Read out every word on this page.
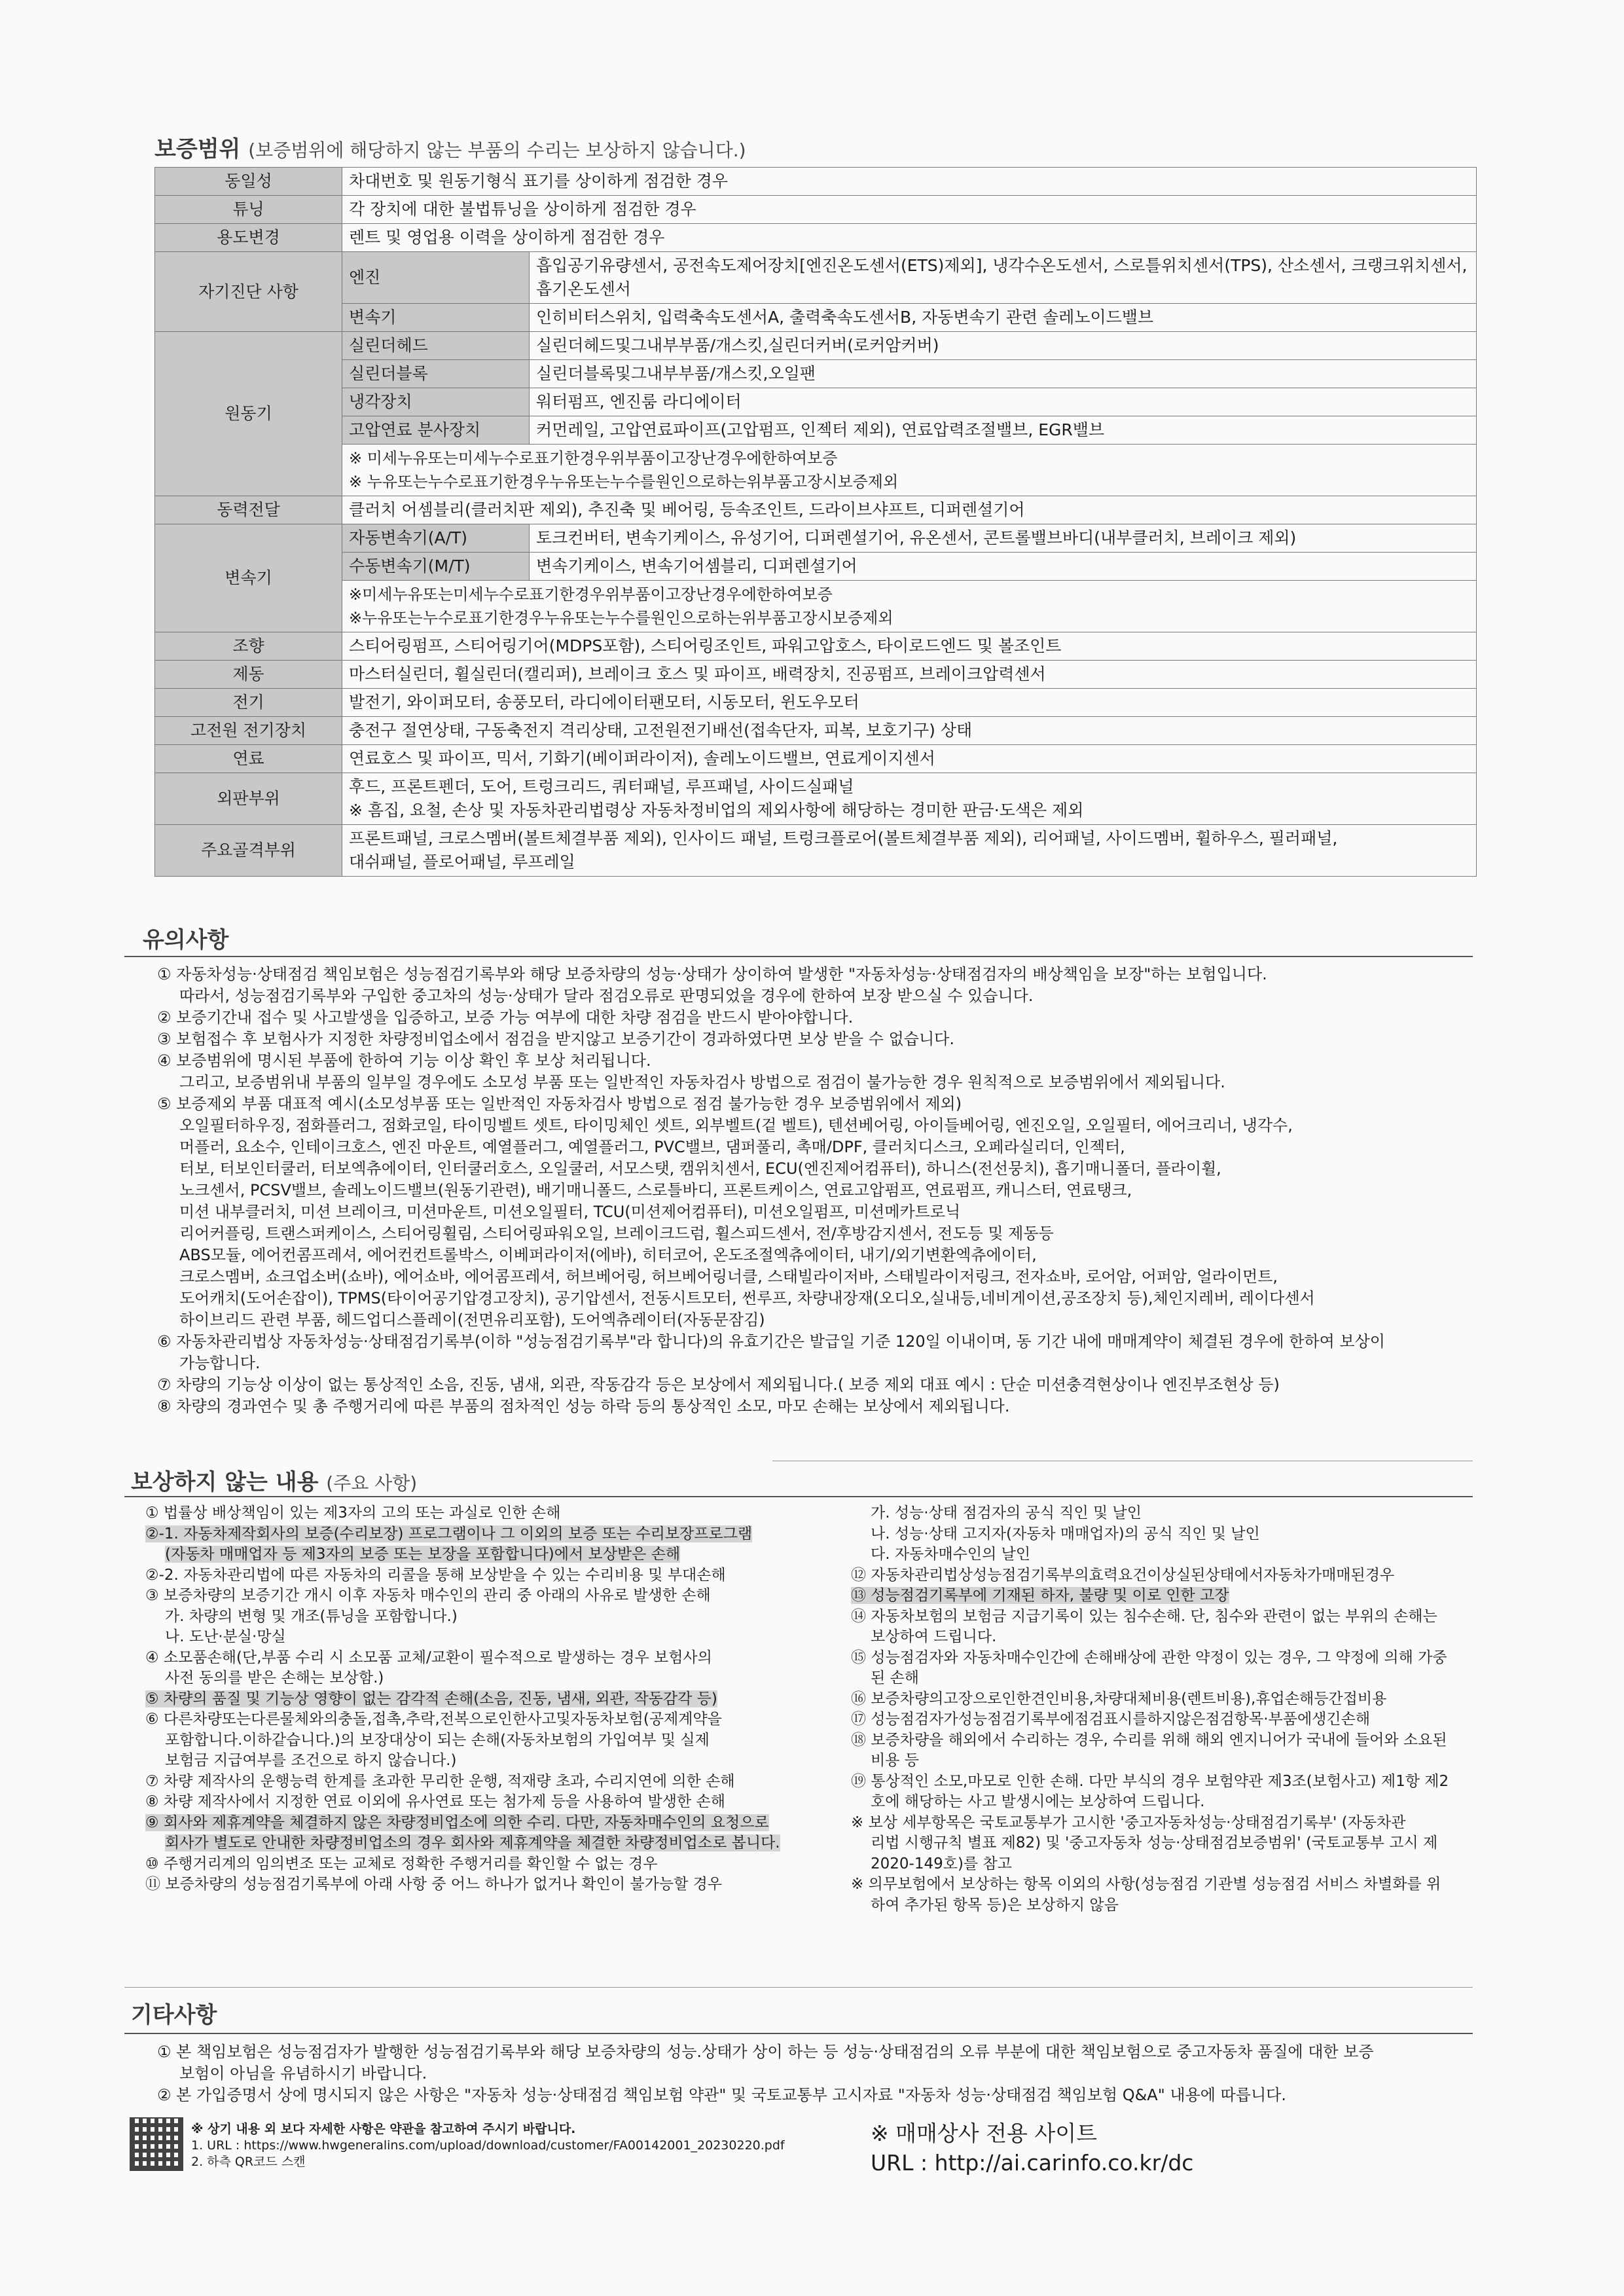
보증범위 (보증범위에 해당하지 않는 부품의 수리는 보상하지 않습니다.)
동일성	차대번호 및 원동기형식 표기를 상이하게 점검한 경우	
튜닝	각 장치에 대한 불법튜닝을 상이하게 점검한 경우	
용도변경	렌트 및 영업용 이력을 상이하게 점검한 경우	
자기진단 사항	엔진	흡입공기유량센서, 공전속도제어장치[엔진온도센서(ETS)제외], 냉각수온도센서, 스로틀위치센서(TPS), 산소센서, 크랭크위치센서, 흡기온도센서
	변속기	인히비터스위치, 입력축속도센서A, 출력축속도센서B, 자동변속기 관련 솔레노이드밸브
원동기	실린더헤드	실린더헤드및그내부부품/개스킷,실린더커버(로커암커버)
	실린더블록	실린더블록및그내부부품/개스킷,오일팬
	냉각장치	워터펌프, 엔진룸 라디에이터
	고압연료 분사장치	커먼레일, 고압연료파이프(고압펌프, 인젝터 제외), 연료압력조절밸브, EGR밸브

	※ 미세누유또는미세누수로표기한경우위부품이고장난경우에한하여보증
※ 누유또는누수로표기한경우누유또는누수를원인으로하는위부품고장시보증제외	

동력전달	클러치 어셈블리(클러치판 제외), 추진축 및 베어링, 등속조인트, 드라이브샤프트, 디퍼렌셜기어	
변속기	자동변속기(A/T)	토크컨버터, 변속기케이스, 유성기어, 디퍼렌셜기어, 유온센서, 콘트롤밸브바디(내부클러치, 브레이크 제외)
	수동변속기(M/T)	변속기케이스, 변속기어셈블리, 디퍼렌셜기어

	※미세누유또는미세누수로표기한경우위부품이고장난경우에한하여보증
※누유또는누수로표기한경우누유또는누수를원인으로하는위부품고장시보증제외	

조향	스티어링펌프, 스티어링기어(MDPS포함), 스티어링조인트, 파워고압호스, 타이로드엔드 및 볼조인트	
제동	마스터실린더, 휠실린더(캘리퍼), 브레이크 호스 및 파이프, 배력장치, 진공펌프, 브레이크압력센서	
전기	발전기, 와이퍼모터, 송풍모터, 라디에이터팬모터, 시동모터, 윈도우모터	
고전원 전기장치	충전구 절연상태, 구동축전지 격리상태, 고전원전기배선(접속단자, 피복, 보호기구) 상태	
연료	연료호스 및 파이프, 믹서, 기화기(베이퍼라이저), 솔레노이드밸브, 연료게이지센서	
외판부위	후드, 프론트펜더, 도어, 트렁크리드, 쿼터패널, 루프패널, 사이드실패널
※ 흠집, 요철, 손상 및 자동차관리법령상 자동차정비업의 제외사항에 해당하는 경미한 판금·도색은 제외	

주요골격부위	프론트패널, 크로스멤버(볼트체결부품 제외), 인사이드 패널, 트렁크플로어(볼트체결부품 제외), 리어패널, 사이드멤버, 휠하우스, 필러패널,
대쉬패널, 플로어패널, 루프레일	
유의사항

① 자동차성능·상태점검 책임보험은 성능점검기록부와 해당 보증차량의 성능·상태가 상이하여 발생한 "자동차성능·상태점검자의 배상책임을 보장"하는 보험입니다.

따라서, 성능점검기록부와 구입한 중고차의 성능·상태가 달라 점검오류로 판명되었을 경우에 한하여 보장 받으실 수 있습니다.

② 보증기간내 접수 및 사고발생을 입증하고, 보증 가능 여부에 대한 차량 점검을 반드시 받아야합니다.

③ 보험접수 후 보험사가 지정한 차량정비업소에서 점검을 받지않고 보증기간이 경과하였다면 보상 받을 수 없습니다.

④ 보증범위에 명시된 부품에 한하여 기능 이상 확인 후 보상 처리됩니다.

그리고, 보증범위내 부품의 일부일 경우에도 소모성 부품 또는 일반적인 자동차검사 방법으로 점검이 불가능한 경우 원칙적으로 보증범위에서 제외됩니다.

⑤ 보증제외 부품 대표적 예시(소모성부품 또는 일반적인 자동차검사 방법으로 점검 불가능한 경우 보증범위에서 제외)

오일필터하우징, 점화플러그, 점화코일, 타이밍벨트 셋트, 타이밍체인 셋트, 외부벨트(겉 벨트), 텐션베어링, 아이들베어링, 엔진오일, 오일필터, 에어크리너, 냉각수,

머플러, 요소수, 인테이크호스, 엔진 마운트, 예열플러그, 예열플러그, PVC밸브, 댐퍼풀리, 촉매/DPF, 클러치디스크, 오페라실리더, 인젝터,

터보, 터보인터쿨러, 터보엑츄에이터, 인터쿨러호스, 오일쿨러, 서모스탯, 캠위치센서, ECU(엔진제어컴퓨터), 하니스(전선뭉치), 흡기매니폴더, 플라이휠,

노크센서, PCSV밸브, 솔레노이드밸브(원동기관련), 배기매니폴드, 스로틀바디, 프론트케이스, 연료고압펌프, 연료펌프, 캐니스터, 연료탱크,

미션 내부클러치, 미션 브레이크, 미션마운트, 미션오일필터, TCU(미션제어컴퓨터), 미션오일펌프, 미션메카트로닉

리어커플링, 트랜스퍼케이스, 스티어링휠림, 스티어링파워오일, 브레이크드럼, 휠스피드센서, 전/후방감지센서, 전도등 및 제동등

ABS모듈, 에어컨콤프레셔, 에어컨컨트롤박스, 이베퍼라이저(에바), 히터코어, 온도조절엑츄에이터, 내기/외기변환엑츄에이터,

크로스멤버, 쇼크업소버(쇼바), 에어쇼바, 에어콤프레셔, 허브베어링, 허브베어링너클, 스태빌라이저바, 스태빌라이저링크, 전자쇼바, 로어암, 어퍼암, 얼라이먼트,

도어캐치(도어손잡이), TPMS(타이어공기압경고장치), 공기압센서, 전동시트모터, 썬루프, 차량내장재(오디오,실내등,네비게이션,공조장치 등),체인지레버, 레이다센서

하이브리드 관련 부품, 헤드업디스플레이(전면유리포함), 도어엑츄레이터(자동문잠김)

⑥ 자동차관리법상 자동차성능·상태점검기록부(이하 "성능점검기록부"라 합니다)의 유효기간은 발급일 기준 120일 이내이며, 동 기간 내에 매매계약이 체결된 경우에 한하여 보상이

가능합니다.

⑦ 차량의 기능상 이상이 없는 통상적인 소음, 진동, 냄새, 외관, 작동감각 등은 보상에서 제외됩니다.( 보증 제외 대표 예시 : 단순 미션충격현상이나 엔진부조현상 등)

⑧ 차량의 경과연수 및 총 주행거리에 따른 부품의 점차적인 성능 하락 등의 통상적인 소모, 마모 손해는 보상에서 제외됩니다.

보상하지 않는 내용 (주요 사항)

① 법률상 배상책임이 있는 제3자의 고의 또는 과실로 인한 손해

②-1. 자동차제작회사의 보증(수리보장) 프로그램이나 그 이외의 보증 또는 수리보장프로그램

(자동차 매매업자 등 제3자의 보증 또는 보장을 포함합니다)에서 보상받은 손해

②-2. 자동차관리법에 따른 자동차의 리콜을 통해 보상받을 수 있는 수리비용 및 부대손해

③ 보증차량의 보증기간 개시 이후 자동차 매수인의 관리 중 아래의 사유로 발생한 손해

가. 차량의 변형 및 개조(튜닝을 포함합니다.)

나. 도난·분실·망실

④ 소모품손해(단,부품 수리 시 소모품 교체/교환이 필수적으로 발생하는 경우 보험사의

사전 동의를 받은 손해는 보상함.)

⑤ 차량의 품질 및 기능상 영향이 없는 감각적 손해(소음, 진동, 냄새, 외관, 작동감각 등)

⑥ 다른차량또는다른물체와의충돌,접촉,추락,전복으로인한사고및자동차보험(공제계약을

포함합니다.이하같습니다.)의 보장대상이 되는 손해(자동차보험의 가입여부 및 실제

보험금 지급여부를 조건으로 하지 않습니다.)

⑦ 차량 제작사의 운행능력 한계를 초과한 무리한 운행, 적재량 초과, 수리지연에 의한 손해

⑧ 차량 제작사에서 지정한 연료 이외에 유사연료 또는 첨가제 등을 사용하여 발생한 손해

⑨ 회사와 제휴계약을 체결하지 않은 차량정비업소에 의한 수리. 다만, 자동차매수인의 요청으로

회사가 별도로 안내한 차량정비업소의 경우 회사와 제휴계약을 체결한 차량정비업소로 봅니다.

⑩ 주행거리계의 임의변조 또는 교체로 정확한 주행거리를 확인할 수 없는 경우

⑪ 보증차량의 성능점검기록부에 아래 사항 중 어느 하나가 없거나 확인이 불가능할 경우

가. 성능·상태 점검자의 공식 직인 및 날인

나. 성능·상태 고지자(자동차 매매업자)의 공식 직인 및 날인

다. 자동차매수인의 날인

⑫ 자동차관리법상성능점검기록부의효력요건이상실된상태에서자동차가매매된경우

⑬ 성능점검기록부에 기재된 하자, 불량 및 이로 인한 고장

⑭ 자동차보험의 보험금 지급기록이 있는 침수손해. 단, 침수와 관련이 없는 부위의 손해는

보상하여 드립니다.

⑮ 성능점검자와 자동차매수인간에 손해배상에 관한 약정이 있는 경우, 그 약정에 의해 가중

된 손해

⑯ 보증차량의고장으로인한견인비용,차량대체비용(렌트비용),휴업손해등간접비용

⑰ 성능점검자가성능점검기록부에점검표시를하지않은점검항목·부품에생긴손해

⑱ 보증차량을 해외에서 수리하는 경우, 수리를 위해 해외 엔지니어가 국내에 들어와 소요된

비용 등

⑲ 통상적인 소모,마모로 인한 손해. 다만 부식의 경우 보험약관 제3조(보험사고) 제1항 제2

호에 해당하는 사고 발생시에는 보상하여 드립니다.

※ 보상 세부항목은 국토교통부가 고시한 '중고자동차성능·상태점검기록부' (자동차관

리법 시행규칙 별표 제82) 및 '중고자동차 성능·상태점검보증범위' (국토교통부 고시 제

2020-149호)를 참고

※ 의무보험에서 보상하는 항목 이외의 사항(성능점검 기관별 성능점검 서비스 차별화를 위

하여 추가된 항목 등)은 보상하지 않음

기타사항

① 본 책임보험은 성능점검자가 발행한 성능점검기록부와 해당 보증차량의 성능.상태가 상이 하는 등 성능·상태점검의 오류 부분에 대한 책임보험으로 중고자동차 품질에 대한 보증

보험이 아님을 유념하시기 바랍니다.

② 본 가입증명서 상에 명시되지 않은 사항은 "자동차 성능·상태점검 책임보험 약관" 및 국토교통부 고시자료 "자동차 성능·상태점검 책임보험 Q&A" 내용에 따릅니다.

※ 상기 내용 외 보다 자세한 사항은 약관을 참고하여 주시기 바랍니다.
1. URL : https://www.hwgeneralins.com/upload/download/customer/FA00142001_20230220.pdf
2. 하측 QR코드 스캔
※ 매매상사 전용 사이트
URL : http://ai.carinfo.co.kr/dc
